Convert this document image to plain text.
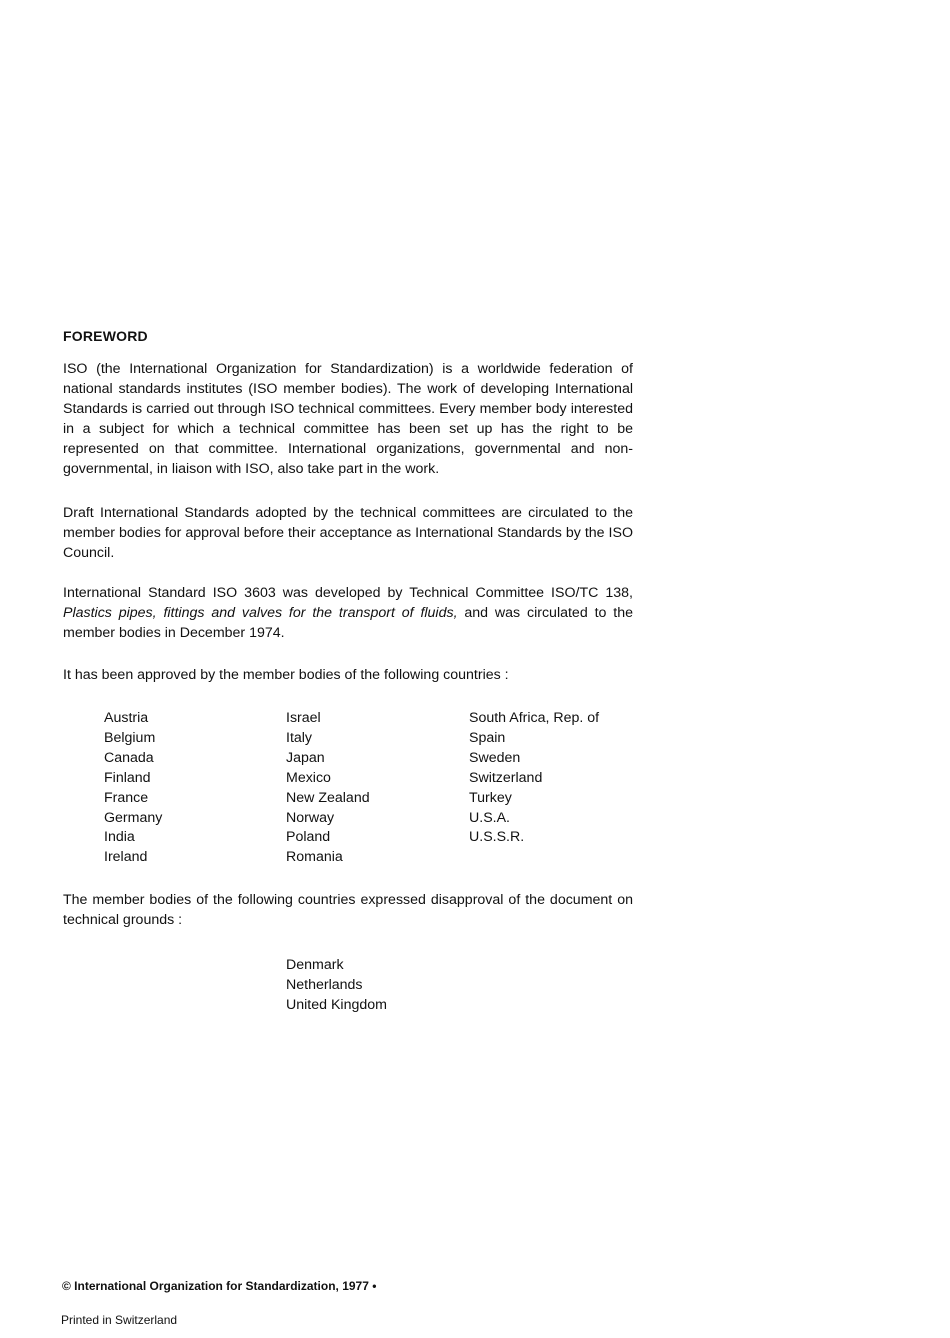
FOREWORD
ISO (the International Organization for Standardization) is a worldwide federation of national standards institutes (ISO member bodies). The work of developing International Standards is carried out through ISO technical committees. Every member body interested in a subject for which a technical committee has been set up has the right to be represented on that committee. International organizations, governmental and non-governmental, in liaison with ISO, also take part in the work.
Draft International Standards adopted by the technical committees are circulated to the member bodies for approval before their acceptance as International Standards by the ISO Council.
International Standard ISO 3603 was developed by Technical Committee ISO/TC 138, Plastics pipes, fittings and valves for the transport of fluids, and was circulated to the member bodies in December 1974.
It has been approved by the member bodies of the following countries :
Austria
Belgium
Canada
Finland
France
Germany
India
Ireland
Israel
Italy
Japan
Mexico
New Zealand
Norway
Poland
Romania
South Africa, Rep. of
Spain
Sweden
Switzerland
Turkey
U.S.A.
U.S.S.R.
The member bodies of the following countries expressed disapproval of the document on technical grounds :
Denmark
Netherlands
United Kingdom
© International Organization for Standardization, 1977 •
Printed in Switzerland
